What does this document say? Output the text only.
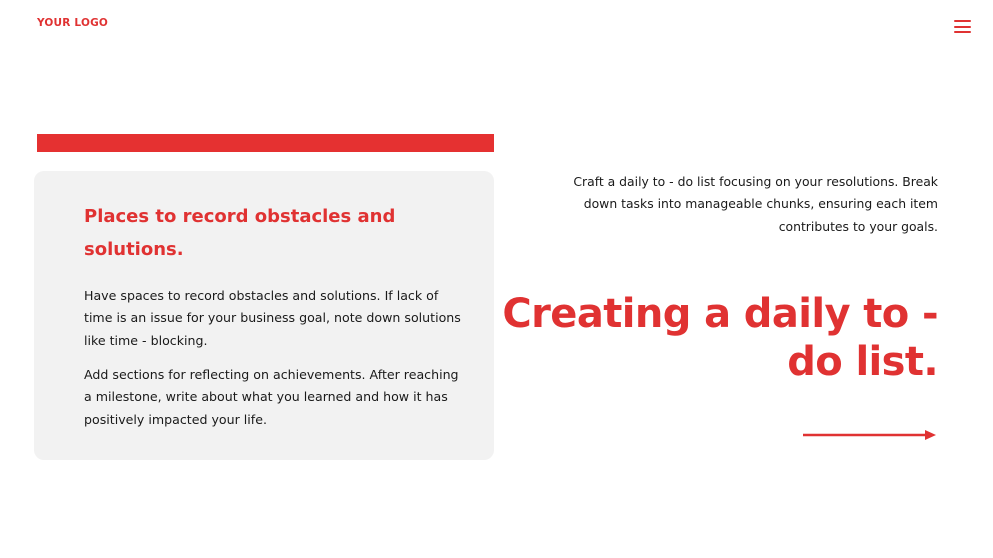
YOUR LOGO
Places to record obstacles and solutions.

Have spaces to record obstacles and solutions. If lack of time is an issue for your business goal, note down solutions like time - blocking.

Add sections for reflecting on achievements. After reaching a milestone, write about what you learned and how it has positively impacted your life.

Craft a daily to - do list focusing on your resolutions. Break down tasks into manageable chunks, ensuring each item contributes to your goals.

Creating a daily to - do list.
